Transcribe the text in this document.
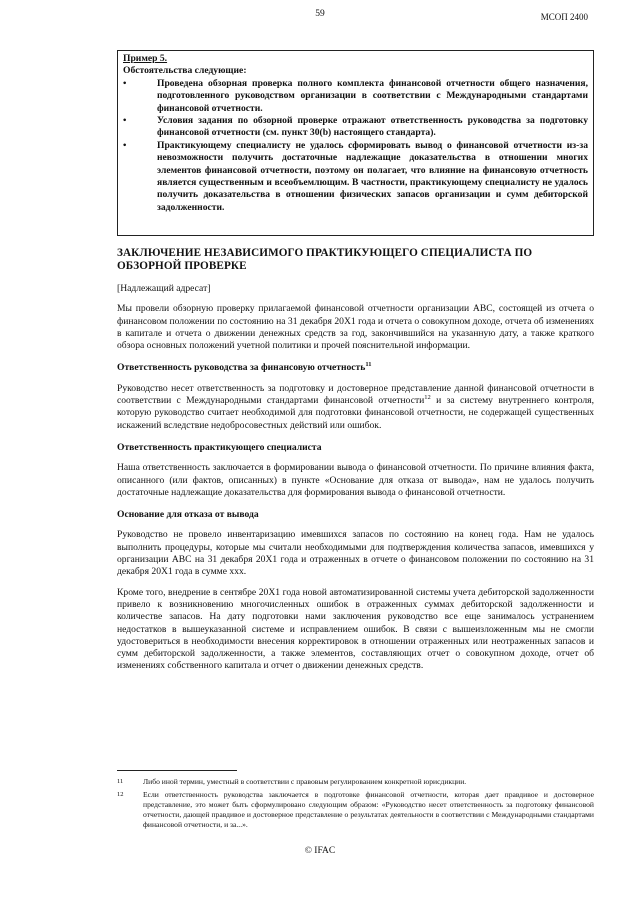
59	МСОП 2400
Пример 5.
Обстоятельства следующие:
•	Проведена обзорная проверка полного комплекта финансовой отчетности общего назначения, подготовленного руководством организации в соответствии с Международными стандартами финансовой отчетности.
•	Условия задания по обзорной проверке отражают ответственность руководства за подготовку финансовой отчетности (см. пункт 30(b) настоящего стандарта).
•	Практикующему специалисту не удалось сформировать вывод о финансовой отчетности из-за невозможности получить достаточные надлежащие доказательства в отношении многих элементов финансовой отчетности, поэтому он полагает, что влияние на финансовую отчетность является существенным и всеобъемлющим. В частности, практикующему специалисту не удалось получить доказательства в отношении физических запасов организации и сумм дебиторской задолженности.
ЗАКЛЮЧЕНИЕ НЕЗАВИСИМОГО ПРАКТИКУЮЩЕГО СПЕЦИАЛИСТА ПО ОБЗОРНОЙ ПРОВЕРКЕ

[Надлежащий адресат]

Мы провели обзорную проверку прилагаемой финансовой отчетности организации АВС, состоящей из отчета о финансовом положении по состоянию на 31 декабря 20X1 года и отчета о совокупном доходе, отчета об изменениях в капитале и отчета о движении денежных средств за год, закончившийся на указанную дату, а также краткого обзора основных положений учетной политики и прочей пояснительной информации.

Ответственность руководства за финансовую отчетность$^{11}$

Руководство несет ответственность за подготовку и достоверное представление данной финансовой отчетности в соответствии с Международными стандартами финансовой отчетности$^{12}$ и за систему внутреннего контроля, которую руководство считает необходимой для подготовки финансовой отчетности, не содержащей существенных искажений вследствие недобросовестных действий или ошибок.

Ответственность практикующего специалиста

Наша ответственность заключается в формировании вывода о финансовой отчетности. По причине влияния факта, описанного (или фактов, описанных) в пункте «Основание для отказа от вывода», нам не удалось получить достаточные надлежащие доказательства для формирования вывода о финансовой отчетности.

Основание для отказа от вывода

Руководство не провело инвентаризацию имевшихся запасов по состоянию на конец года. Нам не удалось выполнить процедуры, которые мы считали необходимыми для подтверждения количества запасов, имевшихся у организации АВС на 31 декабря 20X1 года и отраженных в отчете о финансовом положении по состоянию на 31 декабря 20X1 года в сумме ххх.

Кроме того, внедрение в сентябре 20X1 года новой автоматизированной системы учета дебиторской задолженности привело к возникновению многочисленных ошибок в отраженных суммах дебиторской задолженности и количестве запасов. На дату подготовки нами заключения руководство все еще занималось устранением недостатков в вышеуказанной системе и исправлением ошибок. В связи с вышеизложенным мы не смогли удостовериться в необходимости внесения корректировок в отношении отраженных или неотраженных запасов и сумм дебиторской задолженности, а также элементов, составляющих отчет о совокупном доходе, отчет об изменениях собственного капитала и отчет о движении денежных средств.

11	Либо иной термин, уместный в соответствии с правовым регулированием конкретной юрисдикции.
12	Если ответственность руководства заключается в подготовке финансовой отчетности, которая дает правдивое и достоверное представление, это может быть сформулировано следующим образом: «Руководство несет ответственность за подготовку финансовой отчетности, дающей правдивое и достоверное представление о результатах деятельности в соответствии с Международными стандартами финансовой отчетности, и за...».
© IFAC
